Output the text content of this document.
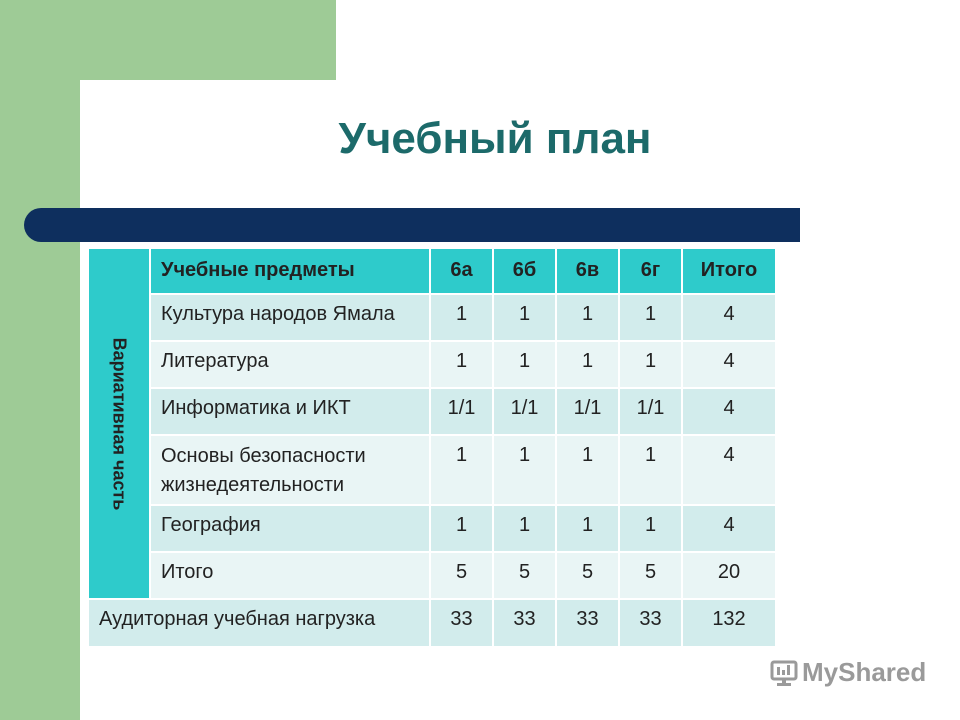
Учебный план
Вариативная часть	Учебные предметы	6а	6б	6в	6г	Итого
	Культура народов Ямала	1	1	1	1	4
	Литература	1	1	1	1	4
	Информатика и ИКТ	1/1	1/1	1/1	1/1	4
	Основы безопасности жизнедеятельности	1	1	1	1	4
	География	1	1	1	1	4
	Итого	5	5	5	5	20
Аудиторная учебная нагрузка		33	33	33	33	132
MyShared
